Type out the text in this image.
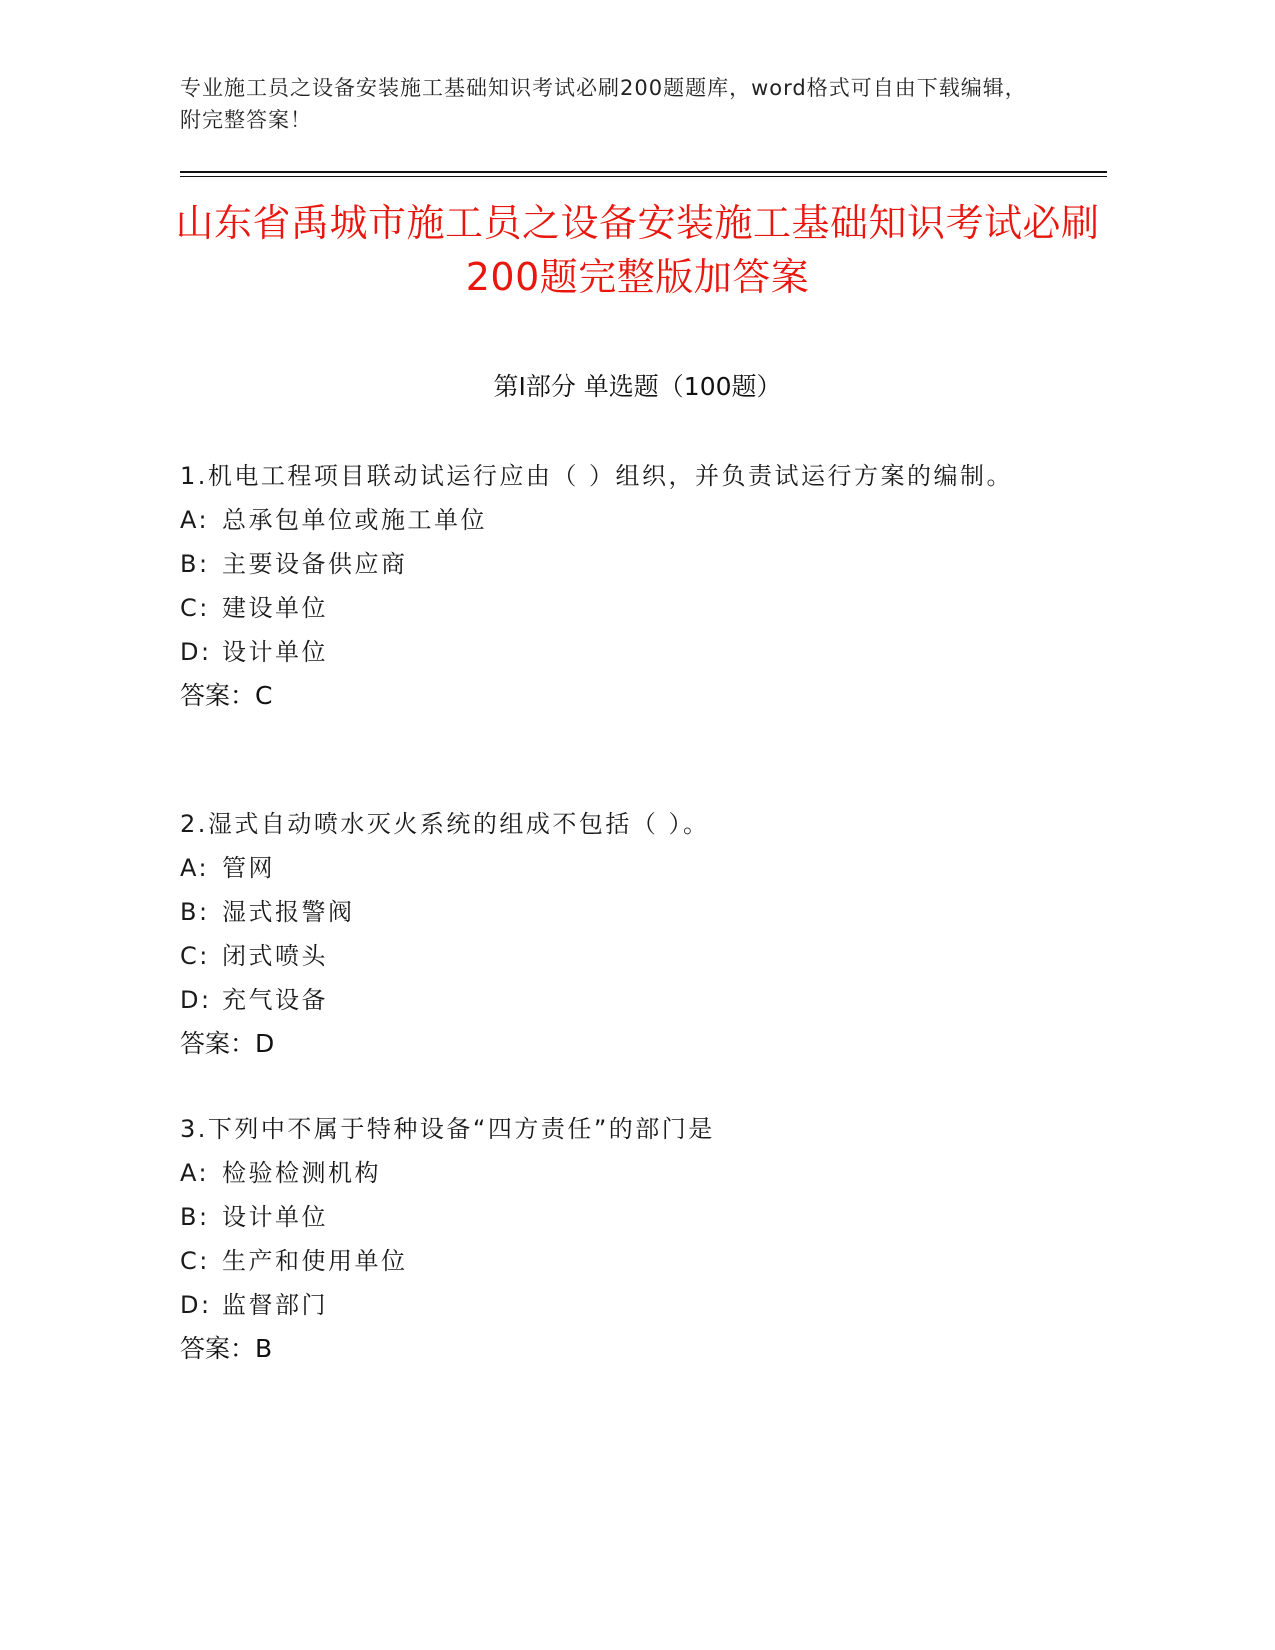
专业施工员之设备安装施工基础知识考试必刷200题题库，word格式可自由下载编辑，附完整答案！
山东省禹城市施工员之设备安装施工基础知识考试必刷200题完整版加答案
第Ⅰ部分 单选题（100题）
1.机电工程项目联动试运行应由（ ）组织，并负责试运行方案的编制。
A: 总承包单位或施工单位
B: 主要设备供应商
C: 建设单位
D: 设计单位
答案：C
2.湿式自动喷水灭火系统的组成不包括（ ）。
A: 管网
B: 湿式报警阀
C: 闭式喷头
D: 充气设备
答案：D
3.下列中不属于特种设备“四方责任”的部门是
A: 检验检测机构
B: 设计单位
C: 生产和使用单位
D: 监督部门
答案：B
